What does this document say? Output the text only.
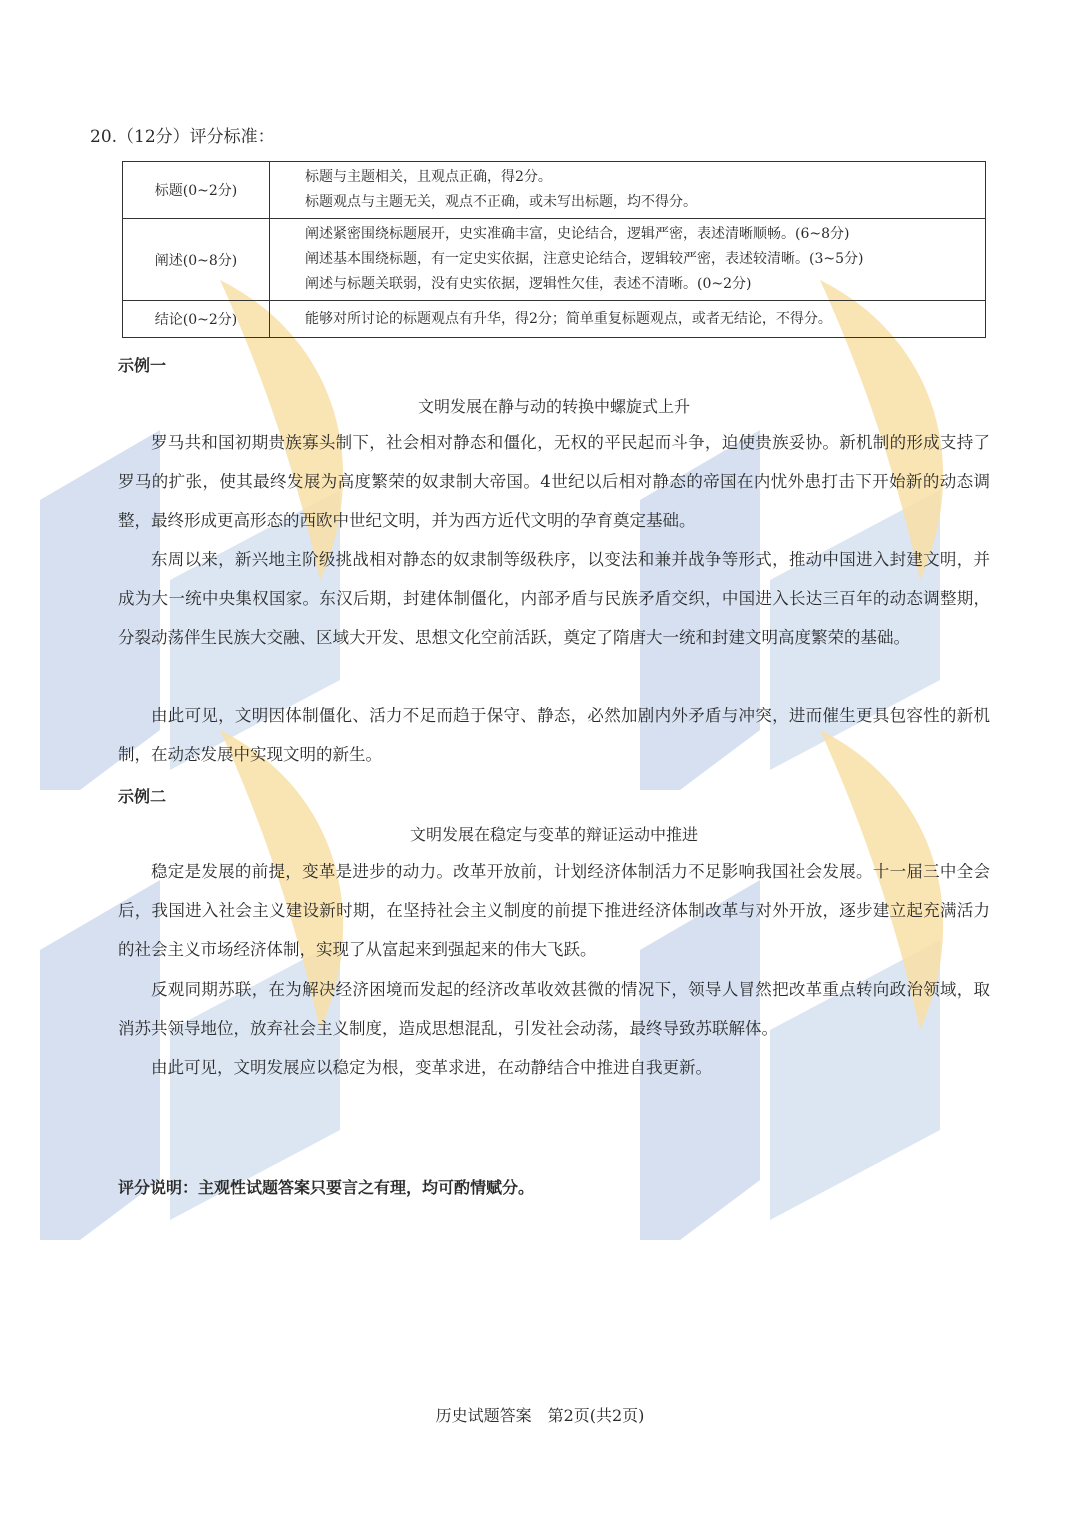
20.（12分）评分标准：
标题(0~2分)	标题与主题相关，且观点正确，得2分。
标题观点与主题无关，观点不正确，或未写出标题，均不得分。

阐述(0~8分)	阐述紧密围绕标题展开，史实准确丰富，史论结合，逻辑严密，表述清晰顺畅。(6~8分)
阐述基本围绕标题，有一定史实依据，注意史论结合，逻辑较严密，表述较清晰。(3~5分)
阐述与标题关联弱，没有史实依据，逻辑性欠佳，表述不清晰。(0~2分)

结论(0~2分)	能够对所讨论的标题观点有升华，得2分；简单重复标题观点，或者无结论，不得分。
示例一
文明发展在静与动的转换中螺旋式上升
罗马共和国初期贵族寡头制下，社会相对静态和僵化，无权的平民起而斗争，迫使贵族妥协。新机制的形成支持了罗马的扩张，使其最终发展为高度繁荣的奴隶制大帝国。4世纪以后相对静态的帝国在内忧外患打击下开始新的动态调整，最终形成更高形态的西欧中世纪文明，并为西方近代文明的孕育奠定基础。
东周以来，新兴地主阶级挑战相对静态的奴隶制等级秩序，以变法和兼并战争等形式，推动中国进入封建文明，并成为大一统中央集权国家。东汉后期，封建体制僵化，内部矛盾与民族矛盾交织，中国进入长达三百年的动态调整期，分裂动荡伴生民族大交融、区域大开发、思想文化空前活跃，奠定了隋唐大一统和封建文明高度繁荣的基础。
由此可见，文明因体制僵化、活力不足而趋于保守、静态，必然加剧内外矛盾与冲突，进而催生更具包容性的新机制，在动态发展中实现文明的新生。
示例二
文明发展在稳定与变革的辩证运动中推进
稳定是发展的前提，变革是进步的动力。改革开放前，计划经济体制活力不足影响我国社会发展。十一届三中全会后，我国进入社会主义建设新时期，在坚持社会主义制度的前提下推进经济体制改革与对外开放，逐步建立起充满活力的社会主义市场经济体制，实现了从富起来到强起来的伟大飞跃。
反观同期苏联，在为解决经济困境而发起的经济改革收效甚微的情况下，领导人冒然把改革重点转向政治领域，取消苏共领导地位，放弃社会主义制度，造成思想混乱，引发社会动荡，最终导致苏联解体。
由此可见，文明发展应以稳定为根，变革求进，在动静结合中推进自我更新。
评分说明：主观性试题答案只要言之有理，均可酌情赋分。
历史试题答案　第2页(共2页)
